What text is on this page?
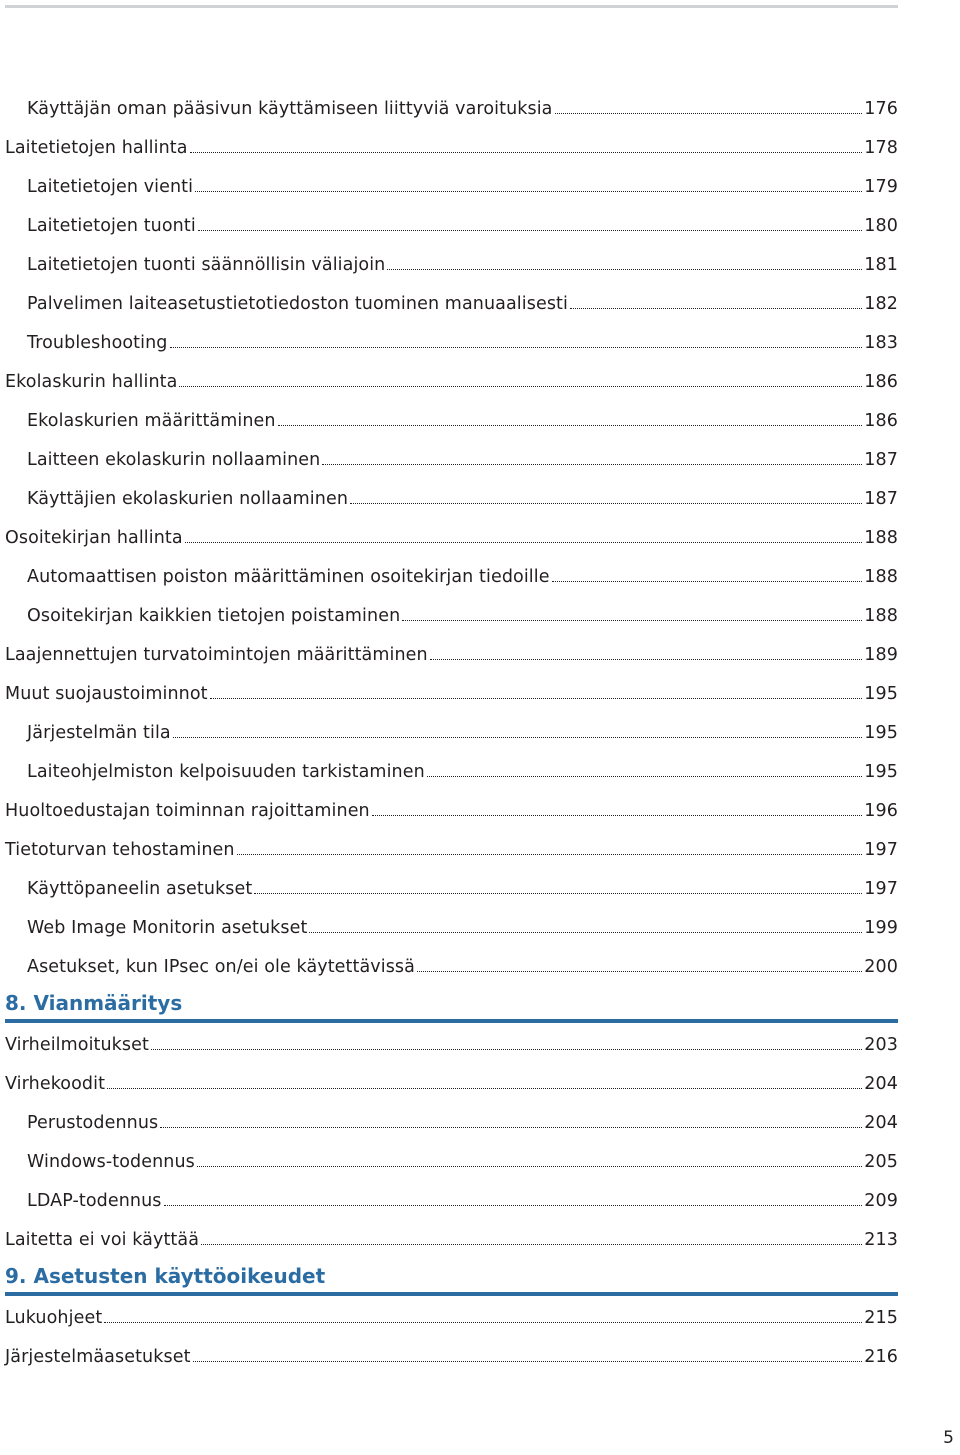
Käyttäjän oman pääsivun käyttämiseen liittyviä varoituksia	176
Laitetietojen hallinta	178
Laitetietojen vienti	179
Laitetietojen tuonti	180
Laitetietojen tuonti säännöllisin väliajoin	181
Palvelimen laiteasetustietotiedoston tuominen manuaalisesti	182
Troubleshooting	183
Ekolaskurin hallinta	186
Ekolaskurien määrittäminen	186
Laitteen ekolaskurin nollaaminen	187
Käyttäjien ekolaskurien nollaaminen	187
Osoitekirjan hallinta	188
Automaattisen poiston määrittäminen osoitekirjan tiedoille	188
Osoitekirjan kaikkien tietojen poistaminen	188
Laajennettujen turvatoimintojen määrittäminen	189
Muut suojaustoiminnot	195
Järjestelmän tila	195
Laiteohjelmiston kelpoisuuden tarkistaminen	195
Huoltoedustajan toiminnan rajoittaminen	196
Tietoturvan tehostaminen	197
Käyttöpaneelin asetukset	197
Web Image Monitorin asetukset	199
Asetukset, kun IPsec on/ei ole käytettävissä	200
8. Vianmääritys
Virheilmoitukset	203
Virhekoodit	204
Perustodennus	204
Windows-todennus	205
LDAP-todennus	209
Laitetta ei voi käyttää	213
9. Asetusten käyttöoikeudet
Lukuohjeet	215
Järjestelmäasetukset	216
5
